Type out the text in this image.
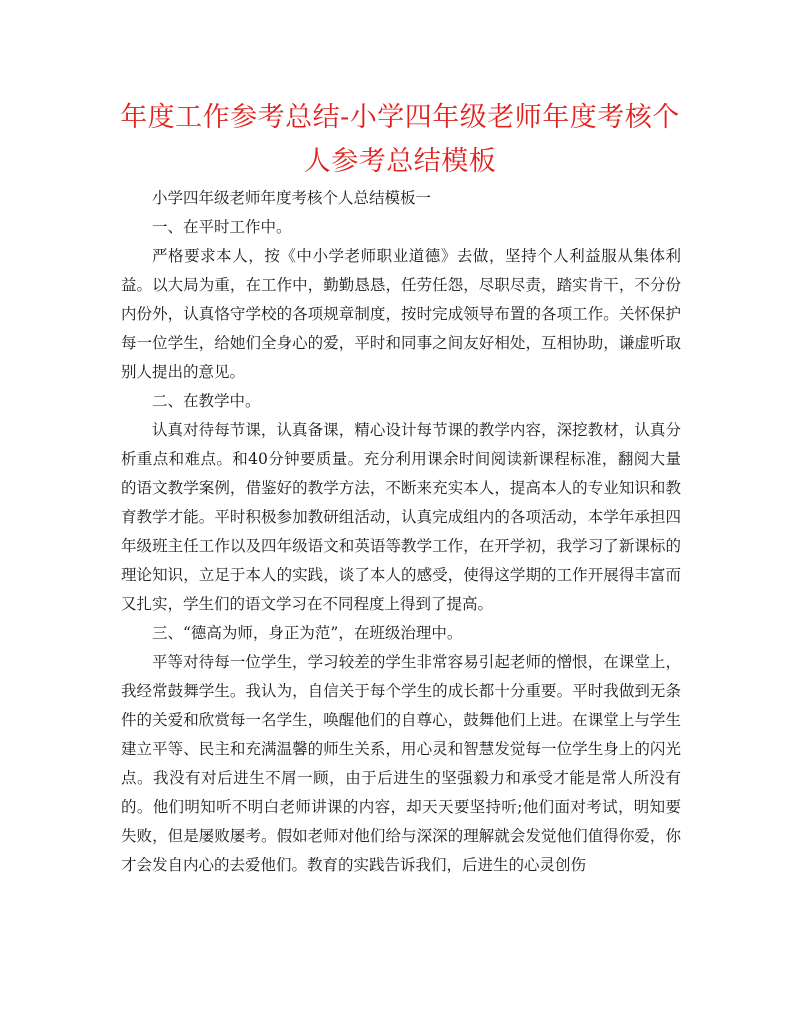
年度工作参考总结-小学四年级老师年度考核个人参考总结模板

小学四年级老师年度考核个人总结模板一

一、在平时工作中。

严格要求本人，按《中小学老师职业道德》去做，坚持个人利益服从集体利益。以大局为重，在工作中，勤勤恳恳，任劳任怨，尽职尽责，踏实肯干，不分份内份外，认真恪守学校的各项规章制度，按时完成领导布置的各项工作。关怀保护每一位学生，给她们全身心的爱，平时和同事之间友好相处，互相协助，谦虚听取别人提出的意见。

二、在教学中。

认真对待每节课，认真备课，精心设计每节课的教学内容，深挖教材，认真分析重点和难点。和40分钟要质量。充分利用课余时间阅读新课程标准，翻阅大量的语文教学案例，借鉴好的教学方法，不断来充实本人，提高本人的专业知识和教育教学才能。平时积极参加教研组活动，认真完成组内的各项活动，本学年承担四年级班主任工作以及四年级语文和英语等教学工作，在开学初，我学习了新课标的理论知识，立足于本人的实践，谈了本人的感受，使得这学期的工作开展得丰富而又扎实，学生们的语文学习在不同程度上得到了提高。

三、“德高为师，身正为范”，在班级治理中。

平等对待每一位学生，学习较差的学生非常容易引起老师的憎恨，在课堂上，我经常鼓舞学生。我认为，自信关于每个学生的成长都十分重要。平时我做到无条件的关爱和欣赏每一名学生，唤醒他们的自尊心，鼓舞他们上进。在课堂上与学生建立平等、民主和充满温馨的师生关系，用心灵和智慧发觉每一位学生身上的闪光点。我没有对后进生不屑一顾，由于后进生的坚强毅力和承受才能是常人所没有的。他们明知听不明白老师讲课的内容，却天天要坚持听;他们面对考试，明知要失败，但是屡败屡考。假如老师对他们给与深深的理解就会发觉他们值得你爱，你才会发自内心的去爱他们。教育的实践告诉我们，后进生的心灵创伤
